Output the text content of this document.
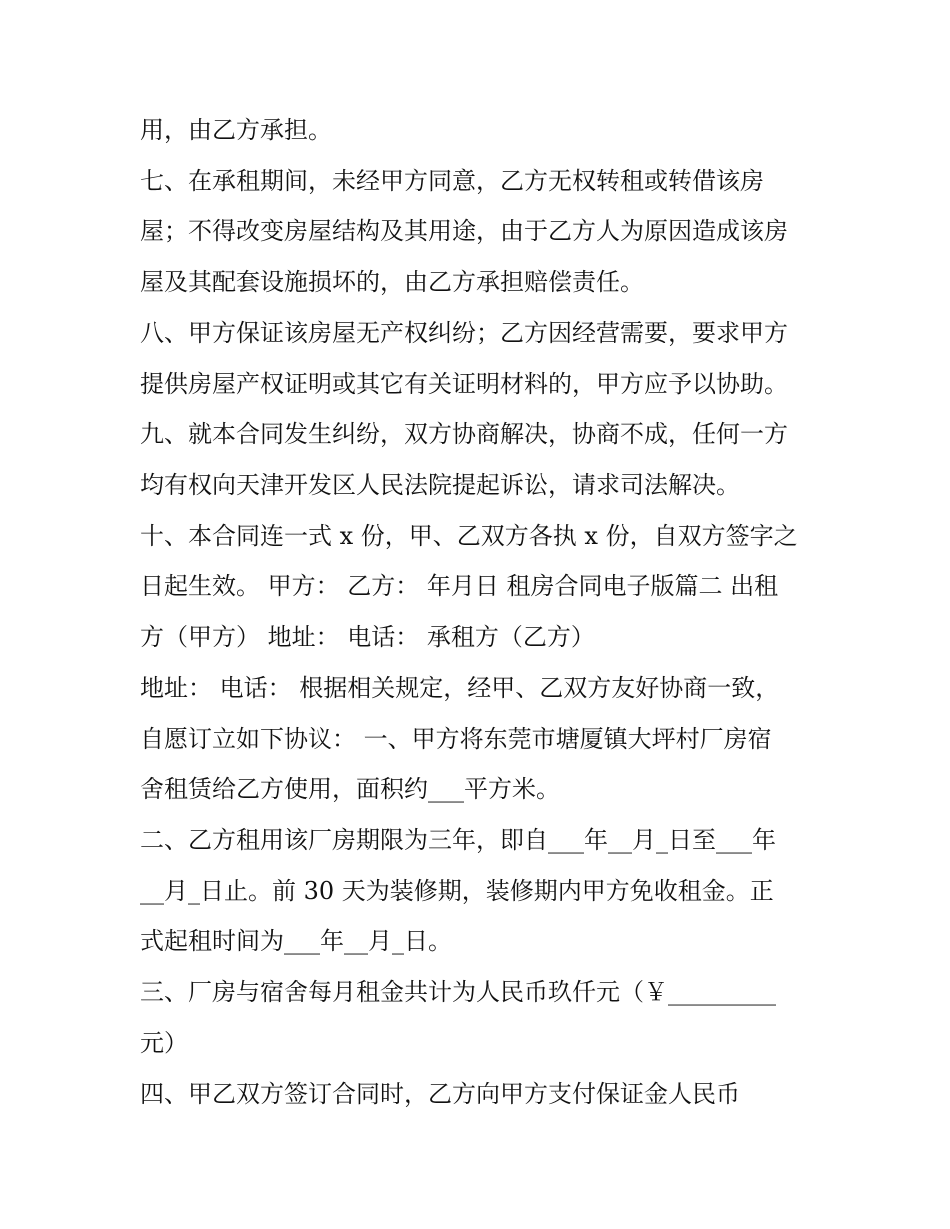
用，由乙方承担。
七、在承租期间，未经甲方同意，乙方无权转租或转借该房
屋；不得改变房屋结构及其用途，由于乙方人为原因造成该房
屋及其配套设施损坏的，由乙方承担赔偿责任。
八、甲方保证该房屋无产权纠纷；乙方因经营需要，要求甲方
提供房屋产权证明或其它有关证明材料的，甲方应予以协助。
九、就本合同发生纠纷，双方协商解决，协商不成，任何一方
均有权向天津开发区人民法院提起诉讼，请求司法解决。
十、本合同连一式 x 份，甲、乙双方各执 x 份，自双方签字之
日起生效。 甲方： 乙方： 年月日 租房合同电子版篇二 出租
方（甲方） 地址： 电话： 承租方（乙方）
地址： 电话： 根据相关规定，经甲、乙双方友好协商一致，
自愿订立如下协议： 一、甲方将东莞市塘厦镇大坪村厂房宿
舍租赁给乙方使用，面积约___平方米。
二、乙方租用该厂房期限为三年，即自___年__月_日至___年
__月_日止。前 30 天为装修期，装修期内甲方免收租金。正
式起租时间为___年__月_日。
三、厂房与宿舍每月租金共计为人民币玖仟元（￥_________
元）
四、甲乙双方签订合同时，乙方向甲方支付保证金人民币
